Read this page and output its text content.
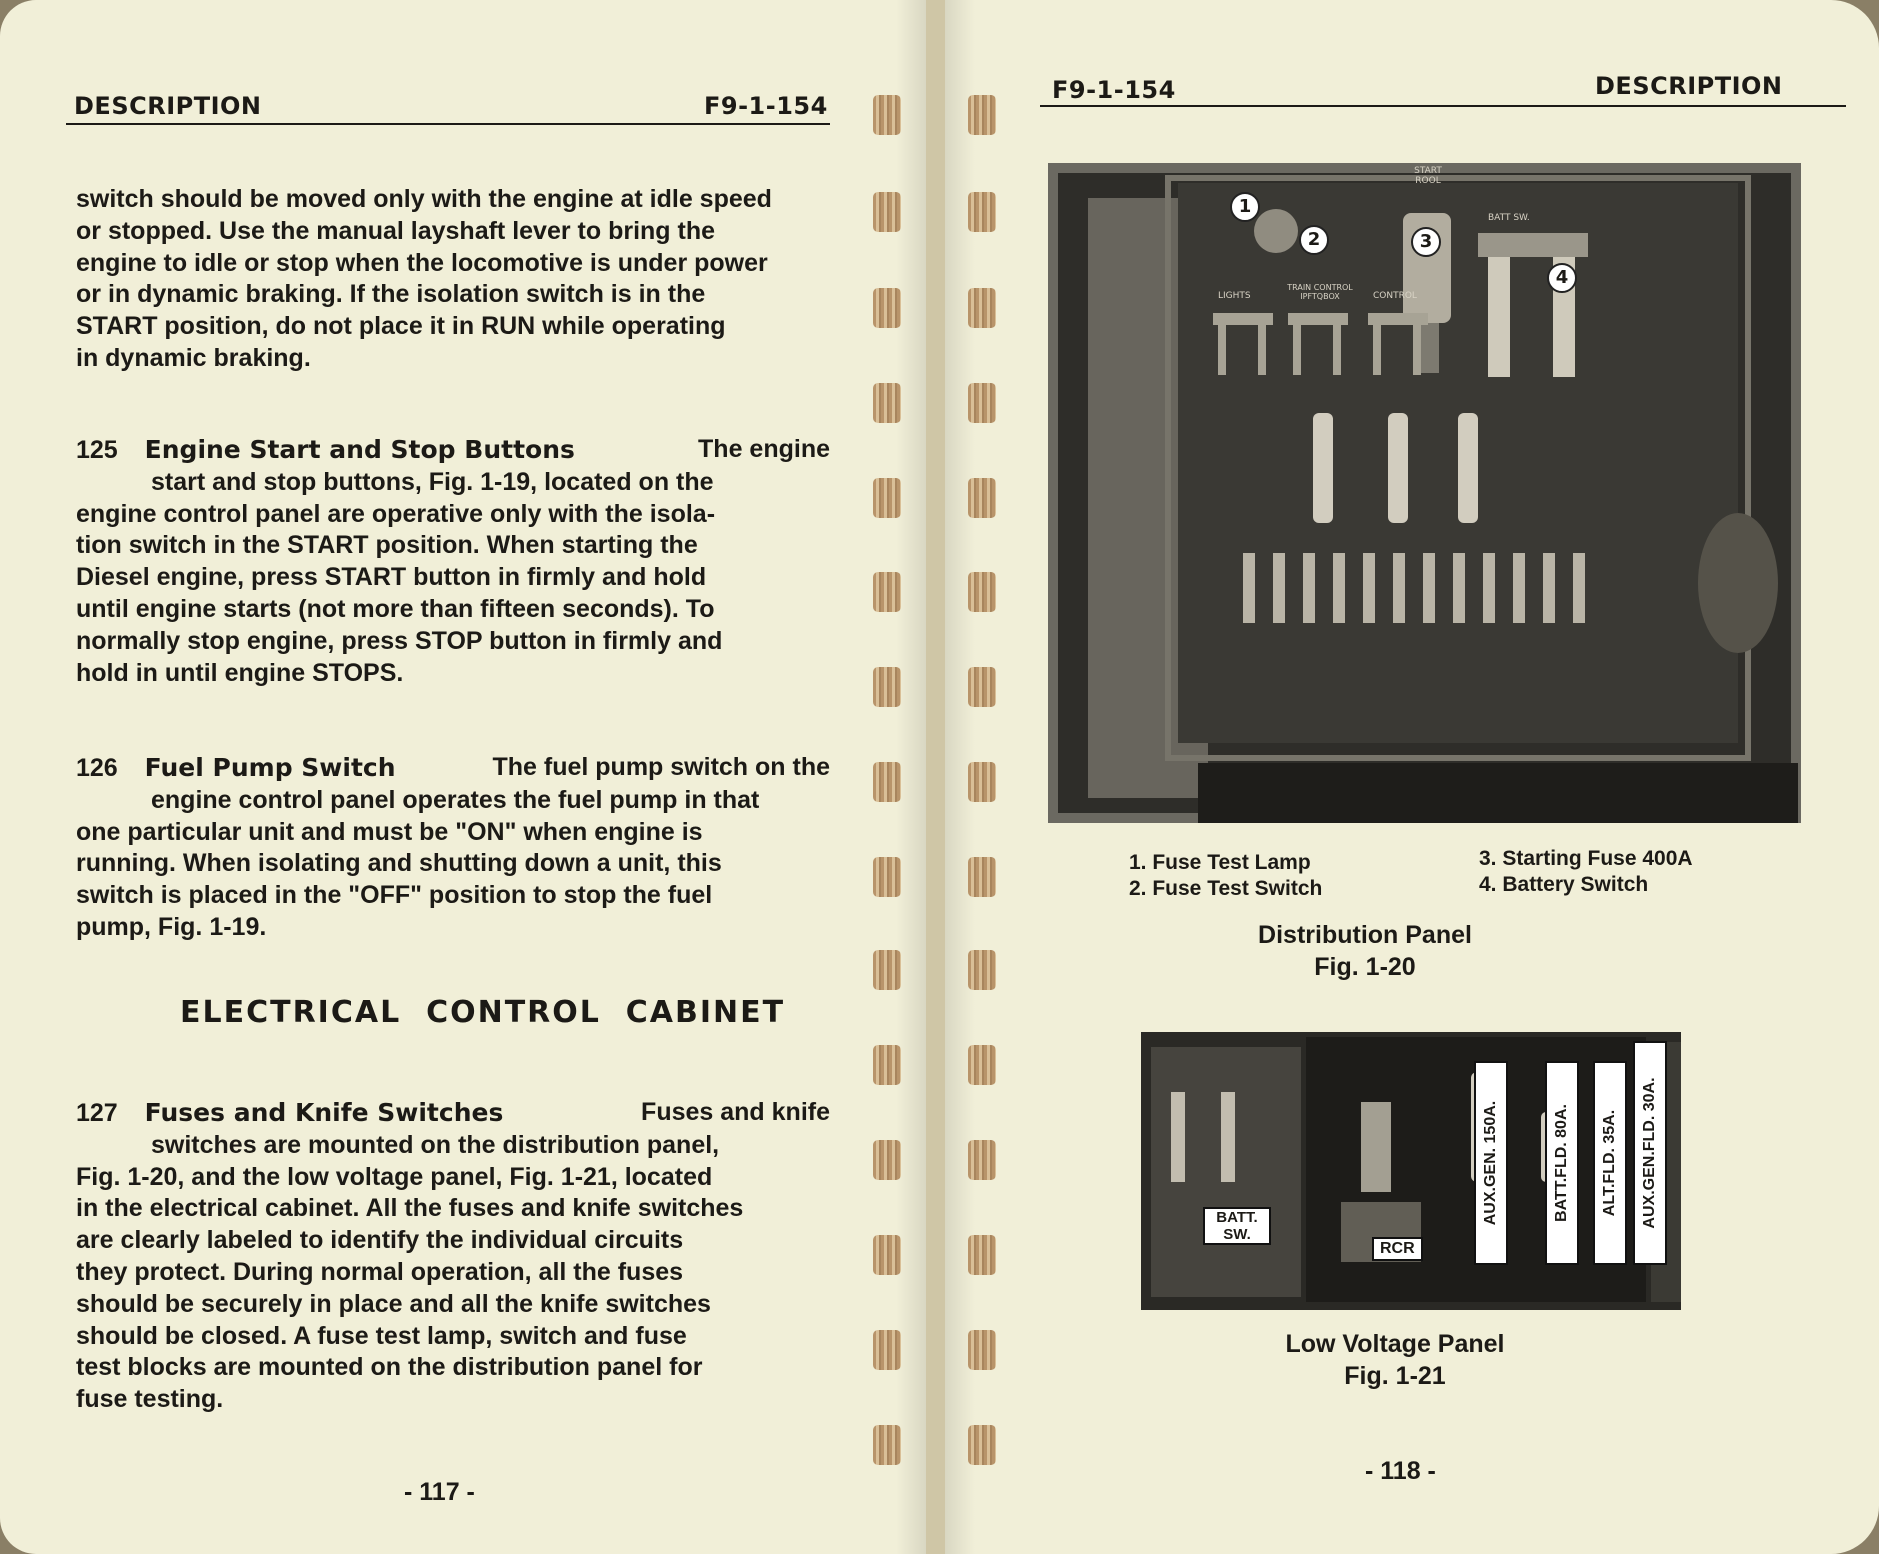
DESCRIPTION	F9-1-154

switch should be moved only with the engine at idle speed

or stopped. Use the manual layshaft lever to bring the

engine to idle or stop when the locomotive is under power

or in dynamic braking. If the isolation switch is in the

START position, do not place it in RUN while operating

in dynamic braking.

125 Engine Start and Stop Buttons	The engine

start and stop buttons, Fig. 1-19, located on the

engine control panel are operative only with the isola-

tion switch in the START position. When starting the

Diesel engine, press START button in firmly and hold

until engine starts (not more than fifteen seconds). To

normally stop engine, press STOP button in firmly and

hold in until engine STOPS.

126 Fuel Pump Switch	The fuel pump switch on the

engine control panel operates the fuel pump in that

one particular unit and must be "ON" when engine is

running. When isolating and shutting down a unit, this

switch is placed in the "OFF" position to stop the fuel

pump, Fig. 1-19.

ELECTRICAL  CONTROL  CABINET

127 Fuses and Knife Switches	Fuses and knife

switches are mounted on the distribution panel,

Fig. 1-20, and the low voltage panel, Fig. 1-21, located

in the electrical cabinet. All the fuses and knife switches

are clearly labeled to identify the individual circuits

they protect. During normal operation, all the fuses

should be securely in place and all the knife switches

should be closed. A fuse test lamp, switch and fuse

test blocks are mounted on the distribution panel for

fuse testing.

- 117 -
F9-1-154	DESCRIPTION
START ROOL
BATT SW.
LIGHTS
TRAIN CONTROL IPFTQBOX	CONTROL
1
2	3
4
1. Fuse Test Lamp
2. Fuse Test Switch
3. Starting Fuse 400A
4. Battery Switch
Distribution Panel
Fig. 1-20
BATT. SW.
RCR
AUX.GEN. 150A.	BATT.FLD. 80A.	ALT.FLD. 35A.	AUX.GEN.FLD. 30A.
Low Voltage Panel
Fig. 1-21
- 118 -
